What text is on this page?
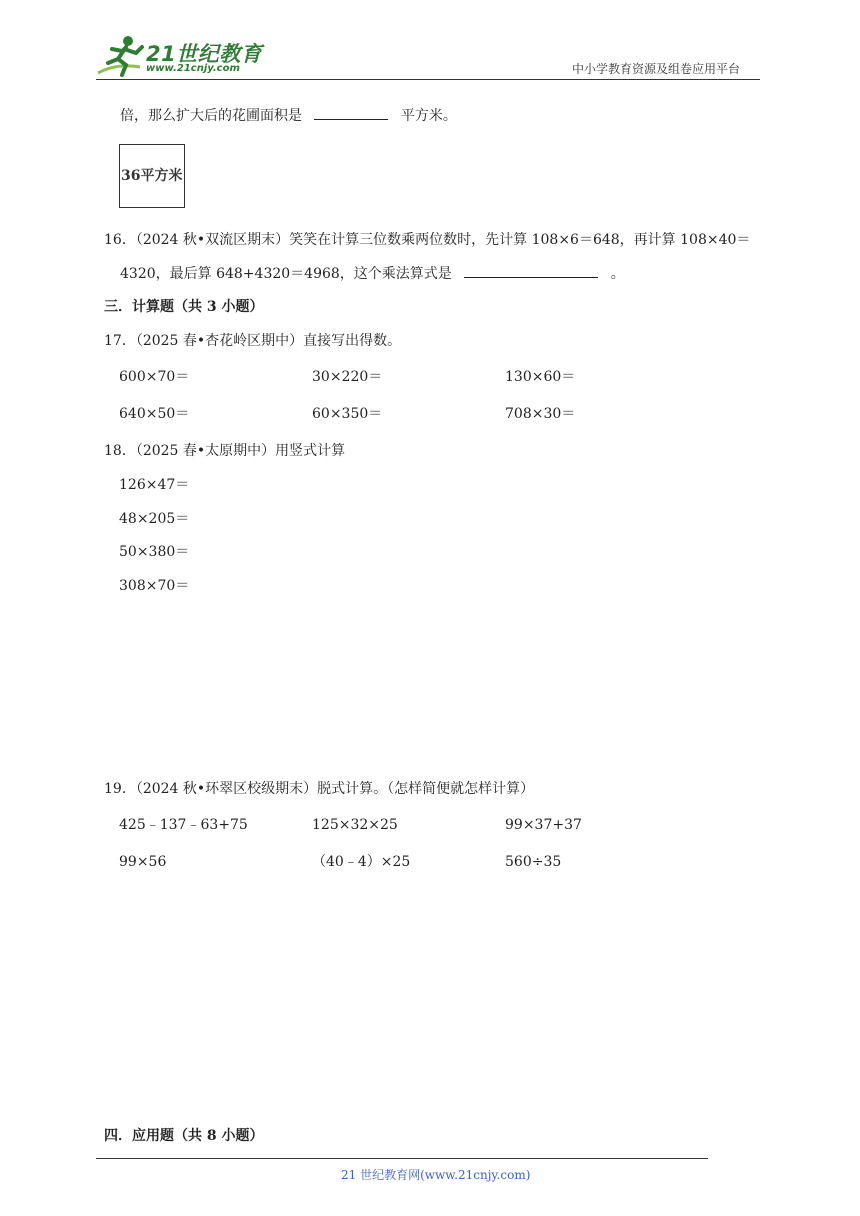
21世纪教育
www.21cnjy.com	中小学教育资源及组卷应用平台
倍，那么扩大后的花圃面积是	平方米。
36平方米
16．（2024 秋•双流区期末）笑笑在计算三位数乘两位数时，先计算 108×6＝648，再计算 108×40＝
4320，最后算 648+4320＝4968，这个乘法算式是	。
三．计算题（共 3 小题）
17．（2025 春•杏花岭区期中）直接写出得数。
600×70＝	30×220＝	130×60＝
640×50＝	60×350＝	708×30＝
18．（2025 春•太原期中）用竖式计算
126×47＝
48×205＝
50×380＝
308×70＝
19．（2024 秋•环翠区校级期末）脱式计算。（怎样简便就怎样计算）
425﹣137﹣63+75	125×32×25	99×37+37
99×56	（40﹣4）×25	560÷35
四．应用题（共 8 小题）
21 世纪教育网(www.21cnjy.com)
